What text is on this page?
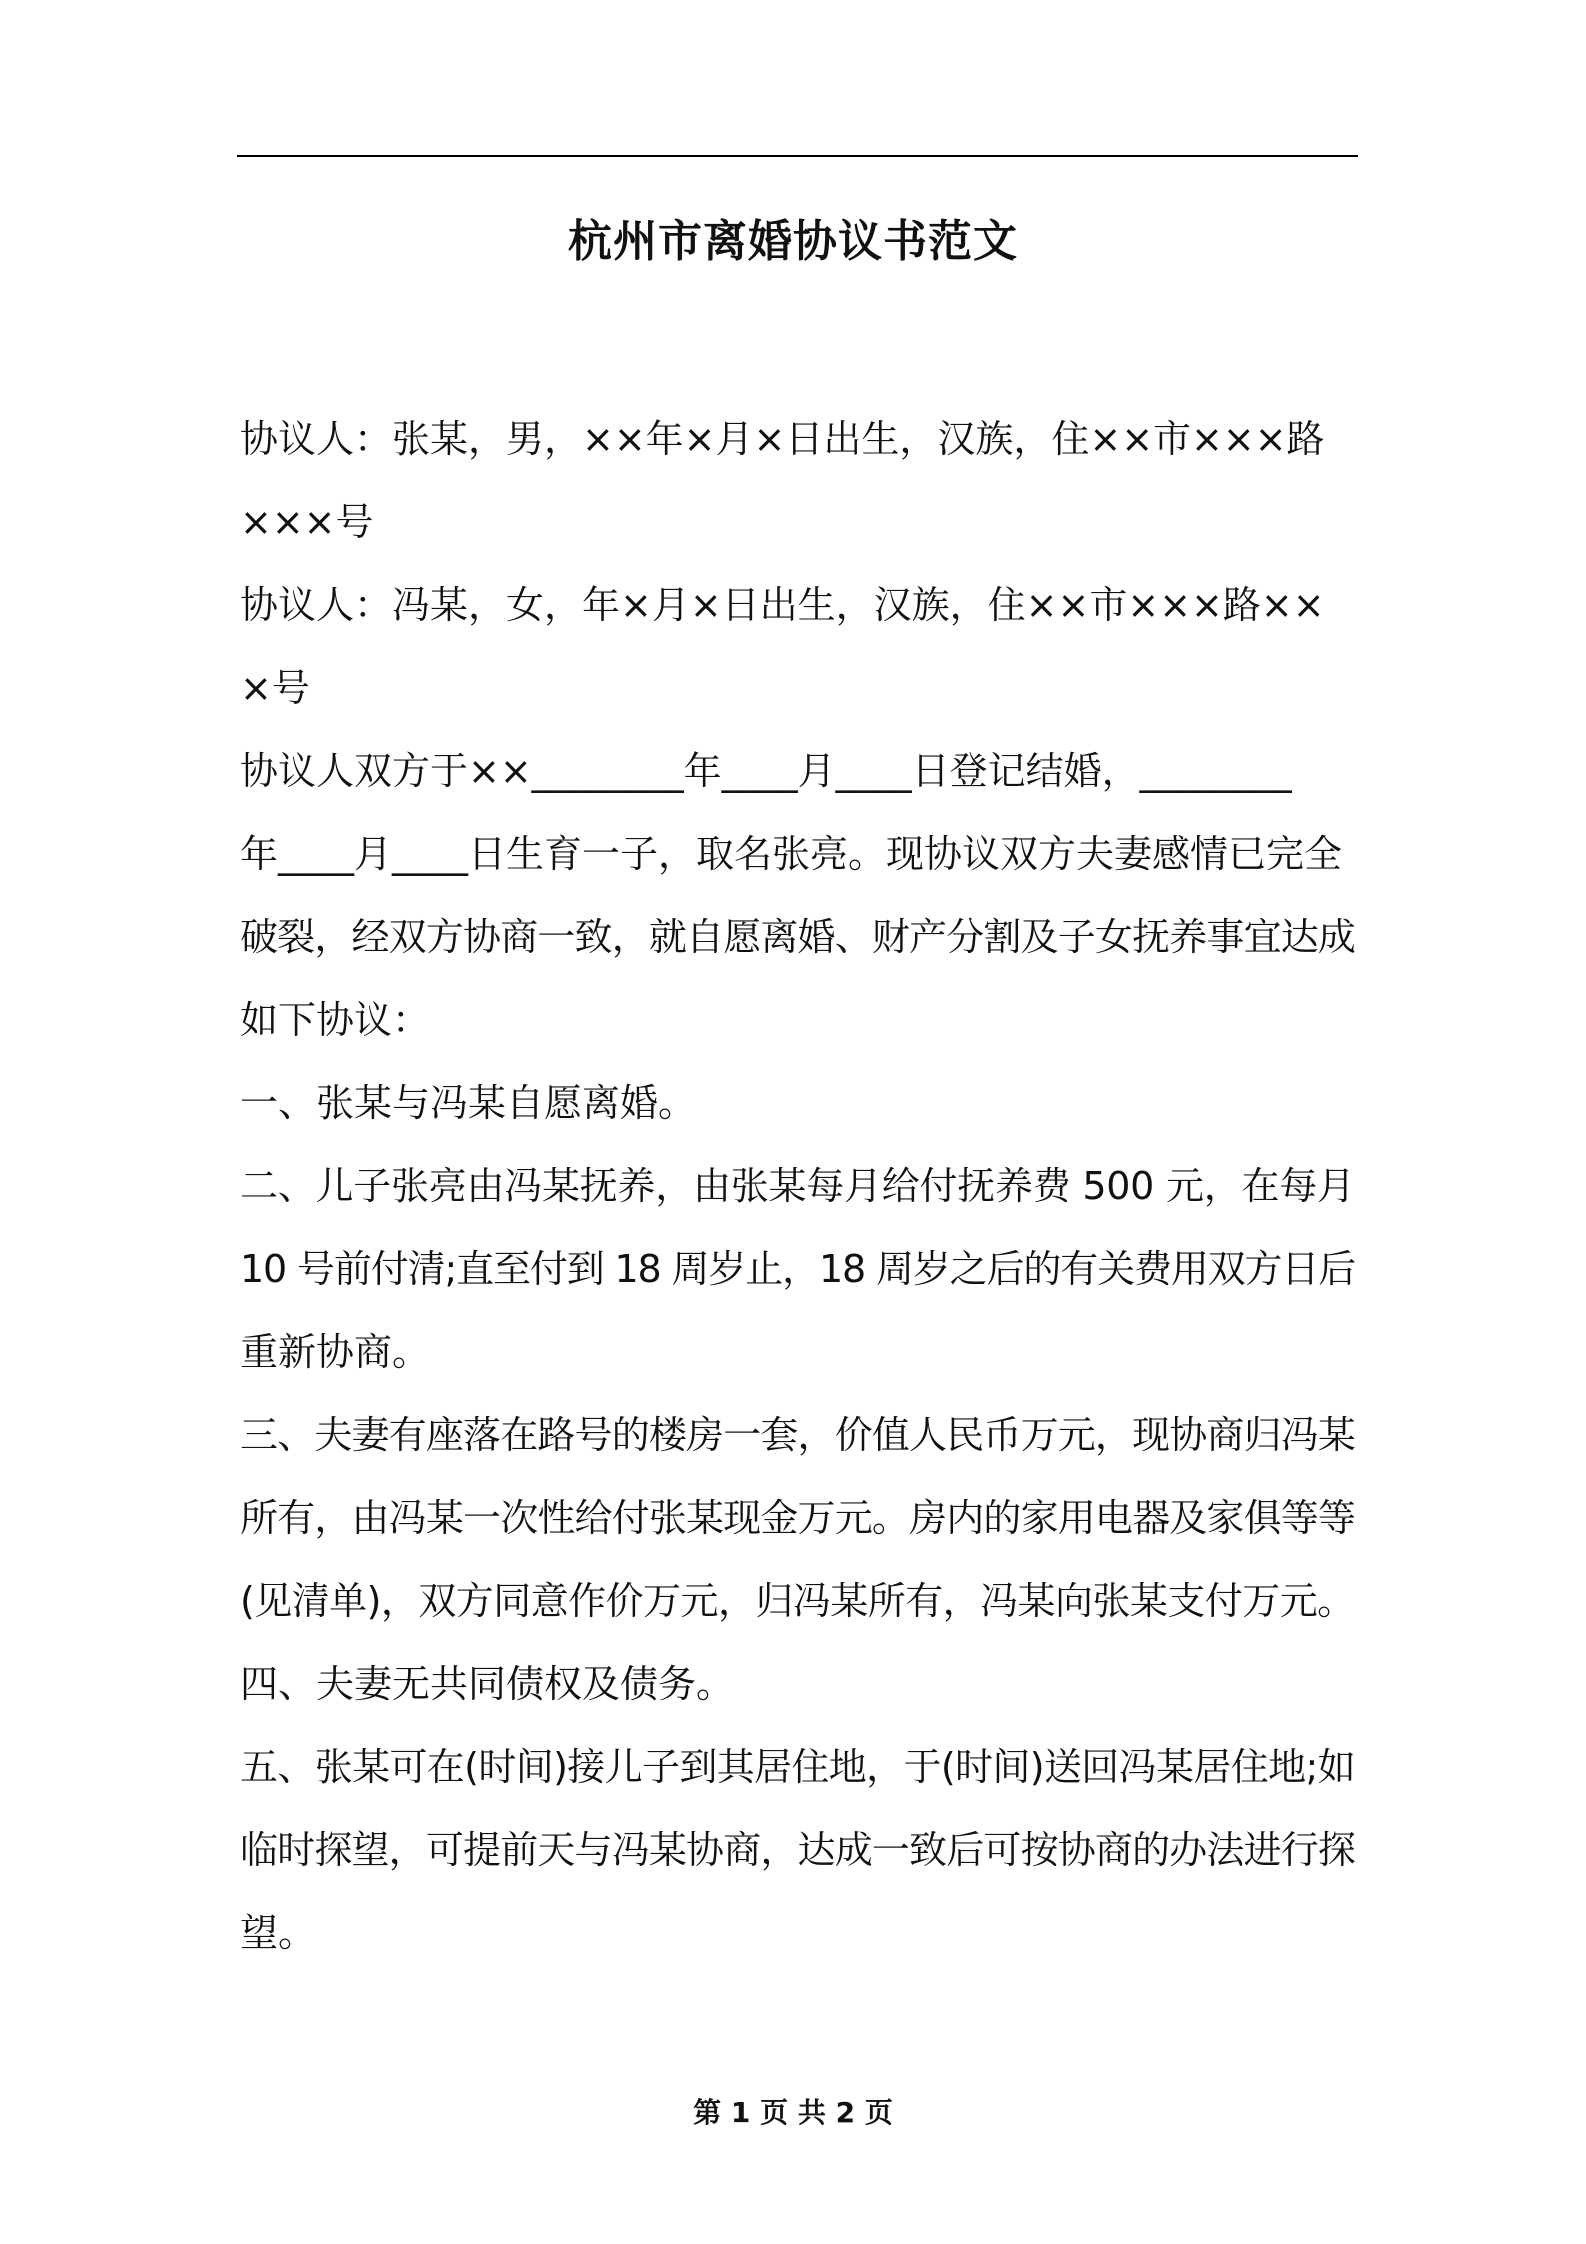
杭州市离婚协议书范文

协议人：张某，男，××年×月×日出生，汉族，住××市×××路

×××号

协议人：冯某，女，年×月×日出生，汉族，住××市×××路××

×号

协议人双方于××________年____月____日登记结婚，________

年____月____日生育一子，取名张亮。现协议双方夫妻感情已完全

破裂，经双方协商一致，就自愿离婚、财产分割及子女抚养事宜达成

如下协议：

一、张某与冯某自愿离婚。

二、儿子张亮由冯某抚养，由张某每月给付抚养费 500 元，在每月

10 号前付清;直至付到 18 周岁止，18 周岁之后的有关费用双方日后

重新协商。

三、夫妻有座落在路号的楼房一套，价值人民币万元，现协商归冯某

所有，由冯某一次性给付张某现金万元。房内的家用电器及家俱等等

(见清单)，双方同意作价万元，归冯某所有，冯某向张某支付万元。

四、夫妻无共同债权及债务。

五、张某可在(时间)接儿子到其居住地，于(时间)送回冯某居住地;如

临时探望，可提前天与冯某协商，达成一致后可按协商的办法进行探

望。

第 1 页 共 2 页
